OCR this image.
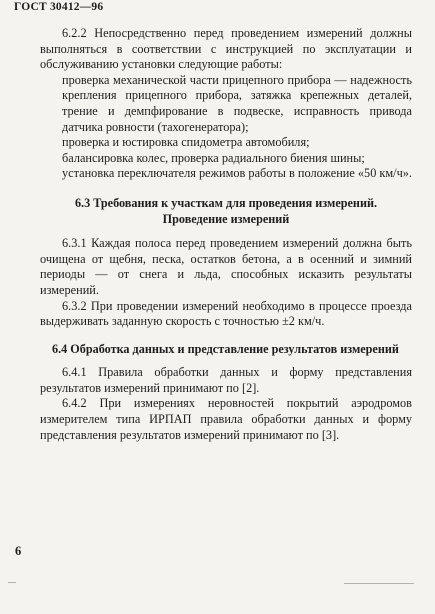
ГОСТ 30412—96

6.2.2 Непосредственно перед проведением измерений должны выполняться в соответствии с инструкцией по эксплуатации и обслуживанию установки следующие работы:

проверка механической части прицепного прибора — надежность крепления прицепного прибора, затяжка крепежных деталей, трение и демпфирование в подвеске, исправность привода датчика ровности (тахогенератора);

проверка и юстировка спидометра автомобиля;

балансировка колес, проверка радиального биения шины;

установка переключателя режимов работы в положение «50 км/ч».

6.3 Требования к участкам для проведения измерений.
Проведение измерений

6.3.1 Каждая полоса перед проведением измерений должна быть очищена от щебня, песка, остатков бетона, а в осенний и зимний периоды — от снега и льда, способных исказить результаты измерений.

6.3.2 При проведении измерений необходимо в процессе проезда выдерживать заданную скорость с точностью ±2 км/ч.

6.4 Обработка данных и представление результатов измерений

6.4.1 Правила обработки данных и форму представления результатов измерений принимают по [2].

6.4.2 При измерениях неровностей покрытий аэродромов измерителем типа ИРПАП правила обработки данных и форму представления результатов измерений принимают по [3].

6
